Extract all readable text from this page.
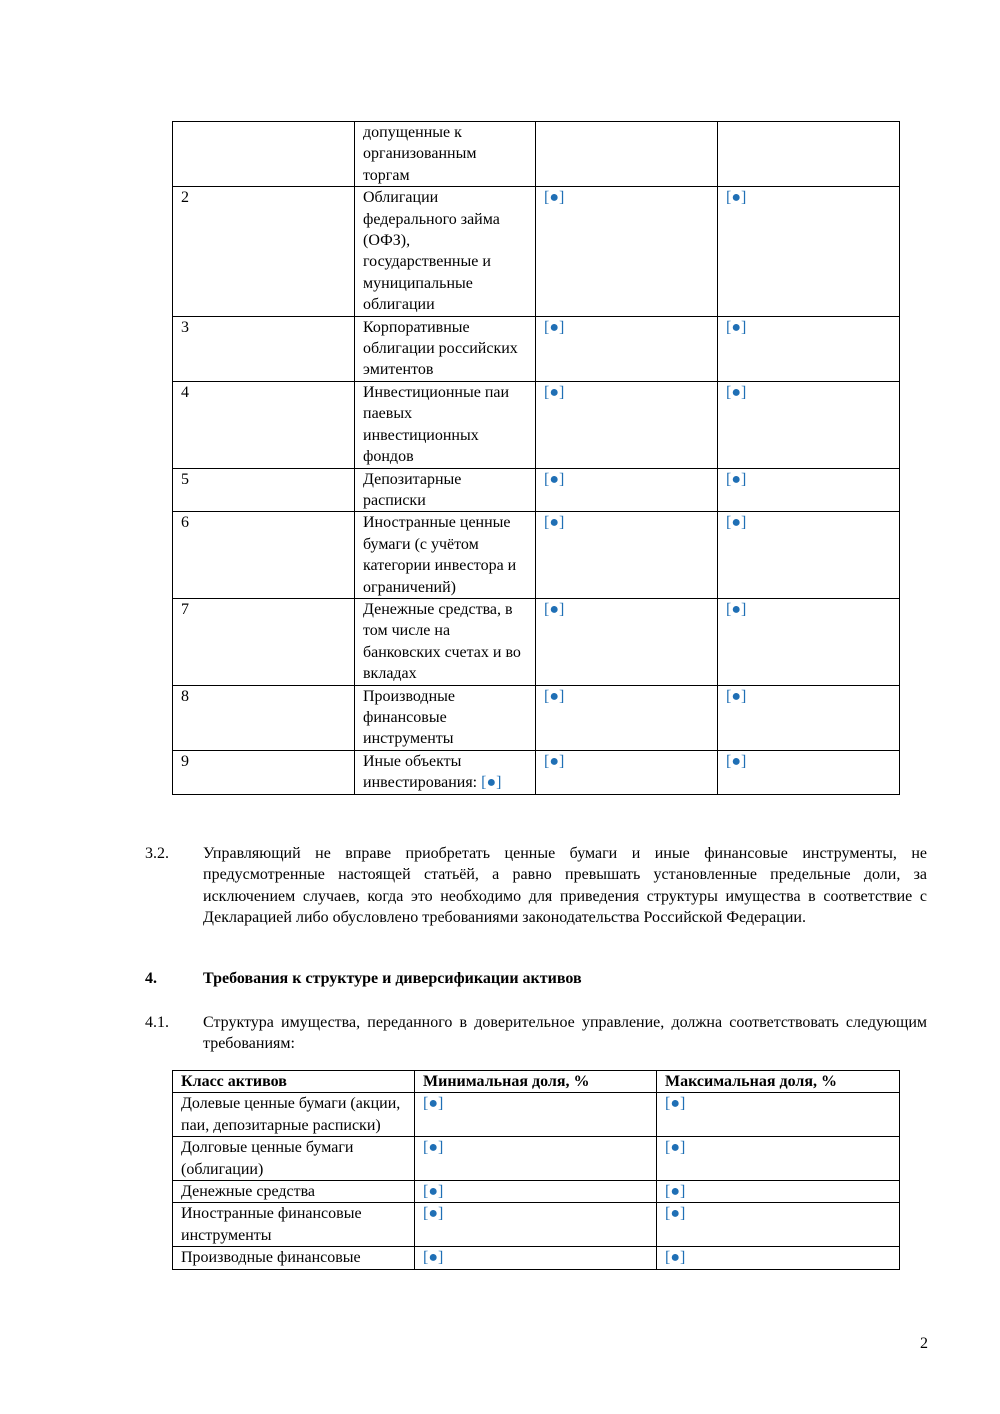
	допущенные к организованным торгам		
2	Облигации федерального займа (ОФЗ), государственные и муниципальные облигации	[●]	[●]
3	Корпоративные облигации российских эмитентов	[●]	[●]
4	Инвестиционные паи паевых инвестиционных фондов	[●]	[●]
5	Депозитарные расписки	[●]	[●]
6	Иностранные ценные бумаги (с учётом категории инвестора и ограничений)	[●]	[●]
7	Денежные средства, в том числе на банковских счетах и во вкладах	[●]	[●]
8	Производные финансовые инструменты	[●]	[●]
9	Иные объекты инвестирования: [●]	[●]	[●]
3.2. Управляющий не вправе приобретать ценные бумаги и иные финансовые инструменты, не предусмотренные настоящей статьёй, а равно превышать установленные предельные доли, за исключением случаев, когда это необходимо для приведения структуры имущества в соответствие с Декларацией либо обусловлено требованиями законодательства Российской Федерации.
4.	Требования к структуре и диверсификации активов
4.1. Структура имущества, переданного в доверительное управление, должна соответствовать следующим требованиям:
Класс активов	Минимальная доля, %	Максимальная доля, %
Долевые ценные бумаги (акции, паи, депозитарные расписки)	[●]	[●]
Долговые ценные бумаги (облигации)	[●]	[●]
Денежные средства	[●]	[●]
Иностранные финансовые инструменты	[●]	[●]
Производные финансовые	[●]	[●]
2
